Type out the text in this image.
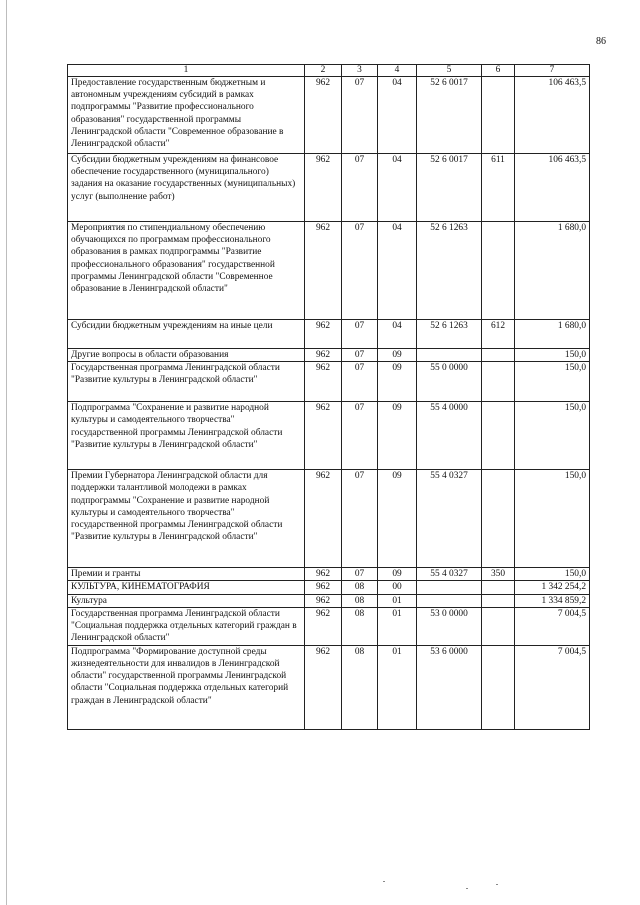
86
1	2	3	4	5	6	7
Предоставление государственным бюджетным и автономным учреждениям субсидий в рамках подпрограммы "Развитие профессионального образования" государственной программы Ленинградской области "Современное образование в Ленинградской области"	962	07	04	52 6 0017		106 463,5
Субсидии бюджетным учреждениям на финансовое обеспечение государственного (муниципального) задания на оказание государственных (муниципальных) услуг (выполнение работ)	962	07	04	52 6 0017	611	106 463,5
Мероприятия по стипендиальному обеспечению обучающихся по программам профессионального образования в рамках подпрограммы "Развитие профессионального образования" государственной программы Ленинградской области "Современное образование в Ленинградской области"	962	07	04	52 6 1263		1 680,0
Субсидии бюджетным учреждениям на иные цели	962	07	04	52 6 1263	612	1 680,0
Другие вопросы в области образования	962	07	09			150,0
Государственная программа Ленинградской области "Развитие культуры в Ленинградской области"	962	07	09	55 0 0000		150,0
Подпрограмма "Сохранение и развитие народной культуры и самодеятельного творчества" государственной программы Ленинградской области "Развитие культуры в Ленинградской области"	962	07	09	55 4 0000		150,0
Премии Губернатора Ленинградской области для поддержки талантливой молодежи в рамках подпрограммы "Сохранение и развитие народной культуры и самодеятельного творчества" государственной программы Ленинградской области "Развитие культуры в Ленинградской области"	962	07	09	55 4 0327		150,0
Премии и гранты	962	07	09	55 4 0327	350	150,0
КУЛЬТУРА, КИНЕМАТОГРАФИЯ	962	08	00			1 342 254,2
Культура	962	08	01			1 334 859,2
Государственная программа Ленинградской области "Социальная поддержка отдельных категорий граждан в Ленинградской области"	962	08	01	53 0 0000		7 004,5
Подпрограмма "Формирование доступной среды жизнедеятельности для инвалидов в Ленинградской области" государственной программы Ленинградской области "Социальная поддержка отдельных категорий граждан в Ленинградской области"	962	08	01	53 6 0000		7 004,5
